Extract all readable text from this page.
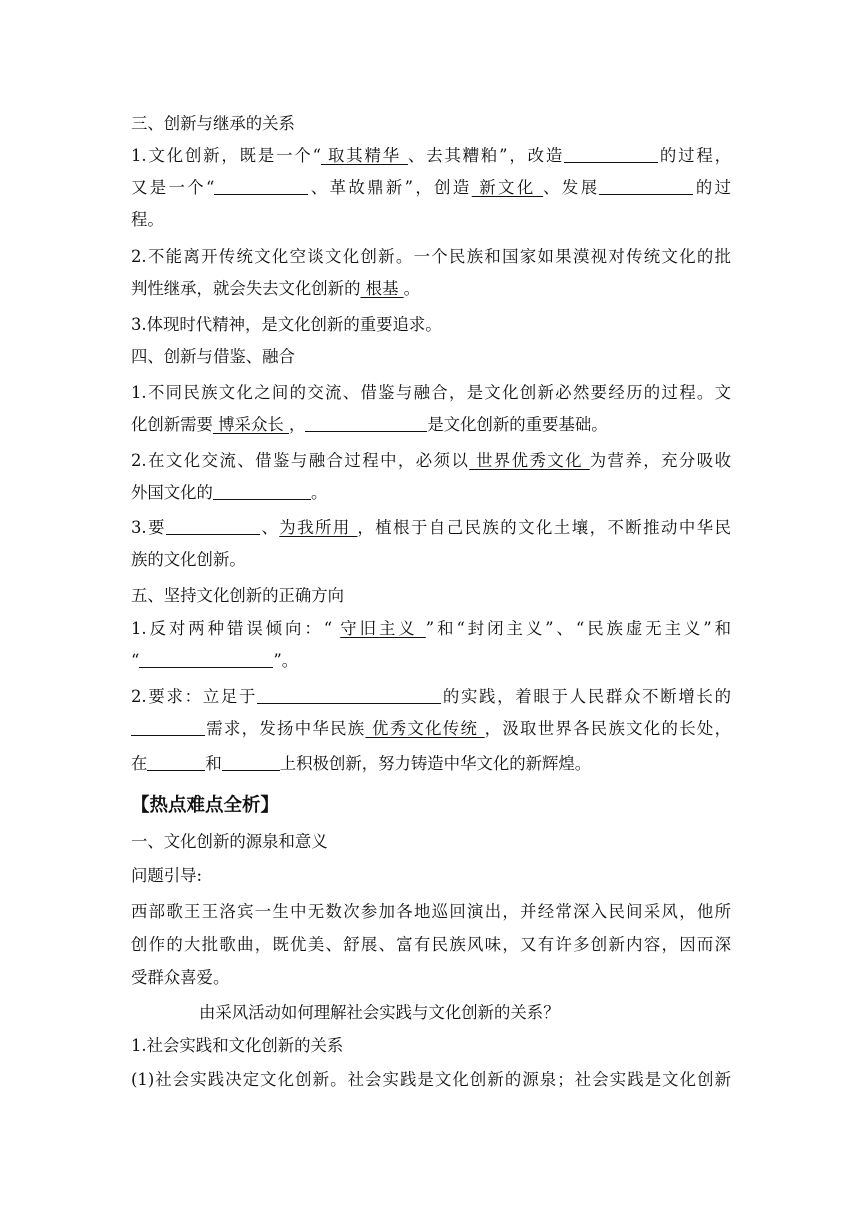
三、创新与继承的关系
1.文化创新，既是一个“ 取其精华 、去其糟粕”，改造	的过程，
又是一个“	、革故鼎新”，创造 新文化 、发展	的过
程。
2.不能离开传统文化空谈文化创新。一个民族和国家如果漠视对传统文化的批
判性继承，就会失去文化创新的 根基 。
3.体现时代精神，是文化创新的重要追求。
四、创新与借鉴、融合
1.不同民族文化之间的交流、借鉴与融合，是文化创新必然要经历的过程。文
化创新需要 博采众长 ，	是文化创新的重要基础。
2.在文化交流、借鉴与融合过程中，必须以 世界优秀文化 为营养，充分吸收
外国文化的	。
3.要	、为我所用 ，植根于自己民族的文化土壤，不断推动中华民
族的文化创新。
五、坚持文化创新的正确方向
1.反对两种错误倾向：“ 守旧主义 ”和“封闭主义”、“民族虚无主义”和
“	”。
2.要求：立足于	的实践，着眼于人民群众不断增长的
需求，发扬中华民族 优秀文化传统 ，汲取世界各民族文化的长处，
在	和	上积极创新，努力铸造中华文化的新辉煌。
【热点难点全析】
一、文化创新的源泉和意义
问题引导:
西部歌王王洛宾一生中无数次参加各地巡回演出，并经常深入民间采风，他所
创作的大批歌曲，既优美、舒展、富有民族风味，又有许多创新内容，因而深
受群众喜爱。
由采风活动如何理解社会实践与文化创新的关系？
1.社会实践和文化创新的关系
(1)社会实践决定文化创新。社会实践是文化创新的源泉；社会实践是文化创新
